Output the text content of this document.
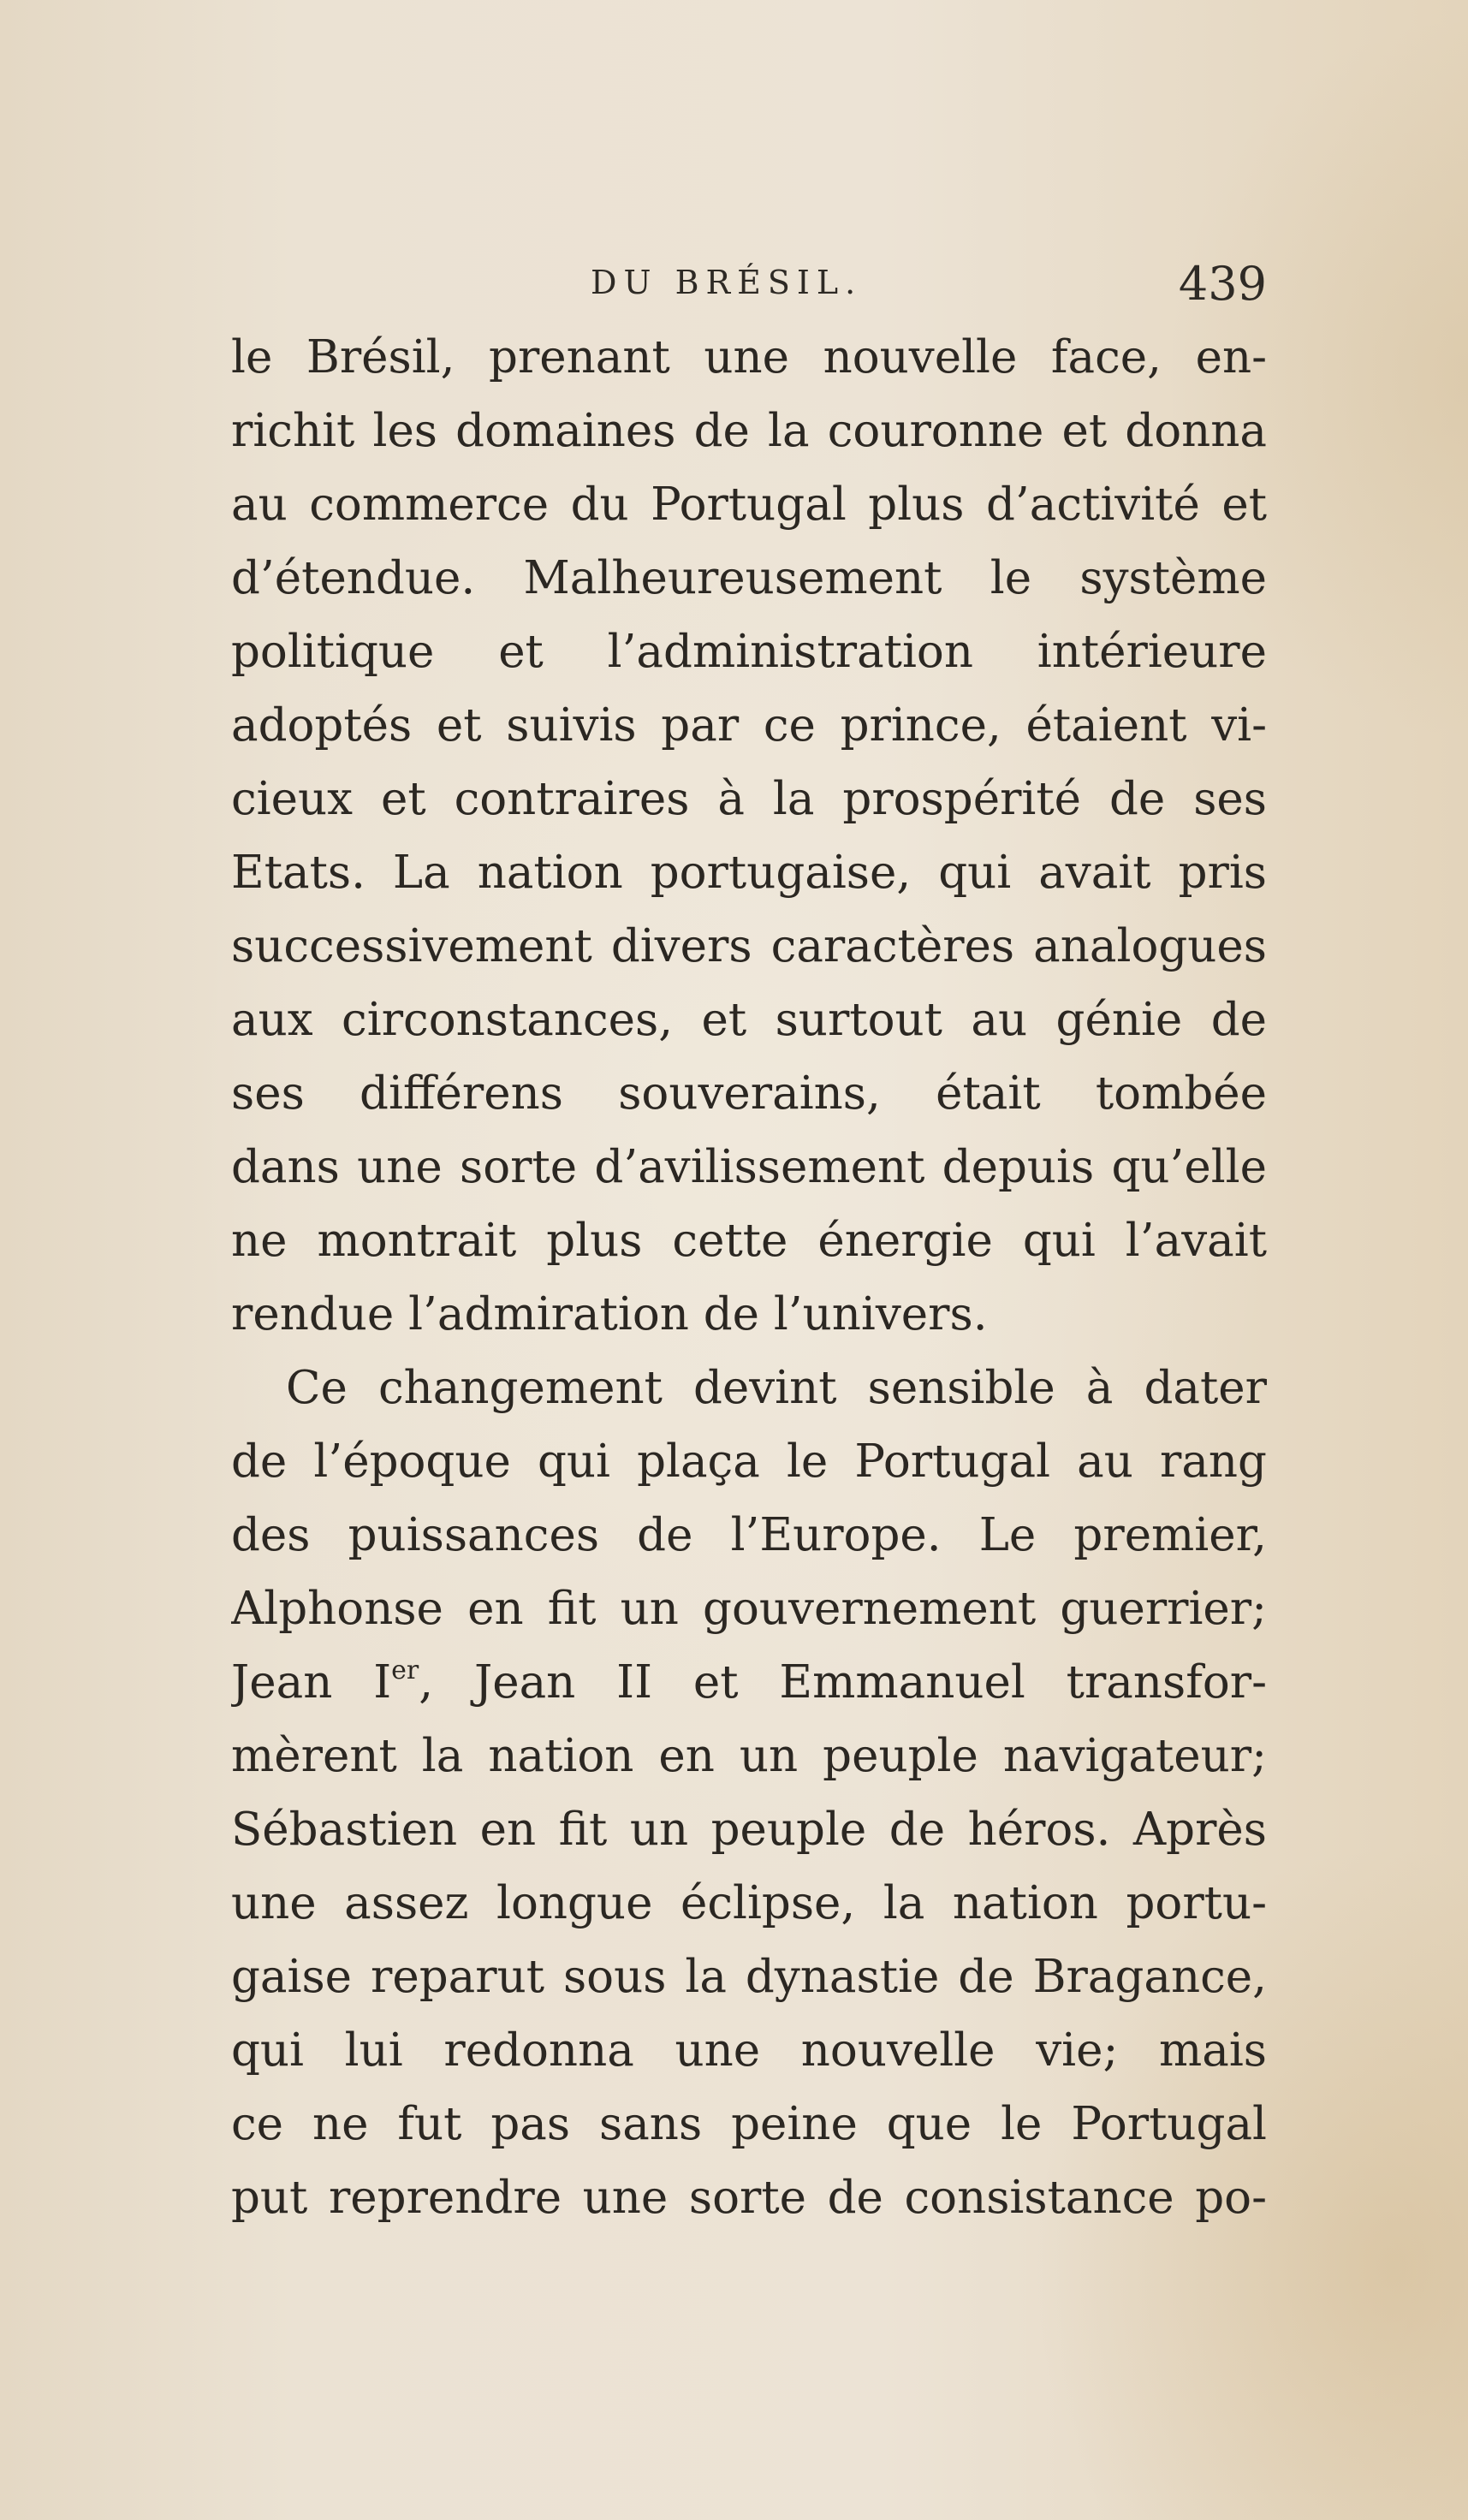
DU BRÉSIL.	439
le Brésil, prenant une nouvelle face, en-
richit les domaines de la couronne et donna
au commerce du Portugal plus d’activité et
d’étendue. Malheureusement le système
politique et l’administration intérieure
adoptés et suivis par ce prince, étaient vi-
cieux et contraires à la prospérité de ses
Etats. La nation portugaise, qui avait pris
successivement divers caractères analogues
aux circonstances, et surtout au génie de
ses différens souverains, était tombée
dans une sorte d’avilissement depuis qu’elle
ne montrait plus cette énergie qui l’avait
rendue l’admiration de l’univers.
Ce changement devint sensible à dater
de l’époque qui plaça le Portugal au rang
des puissances de l’Europe. Le premier,
Alphonse en fit un gouvernement guerrier;
Jean Ier, Jean II et Emmanuel transfor-
mèrent la nation en un peuple navigateur;
Sébastien en fit un peuple de héros. Après
une assez longue éclipse, la nation portu-
gaise reparut sous la dynastie de Bragance,
qui lui redonna une nouvelle vie; mais
ce ne fut pas sans peine que le Portugal
put reprendre une sorte de consistance po-
